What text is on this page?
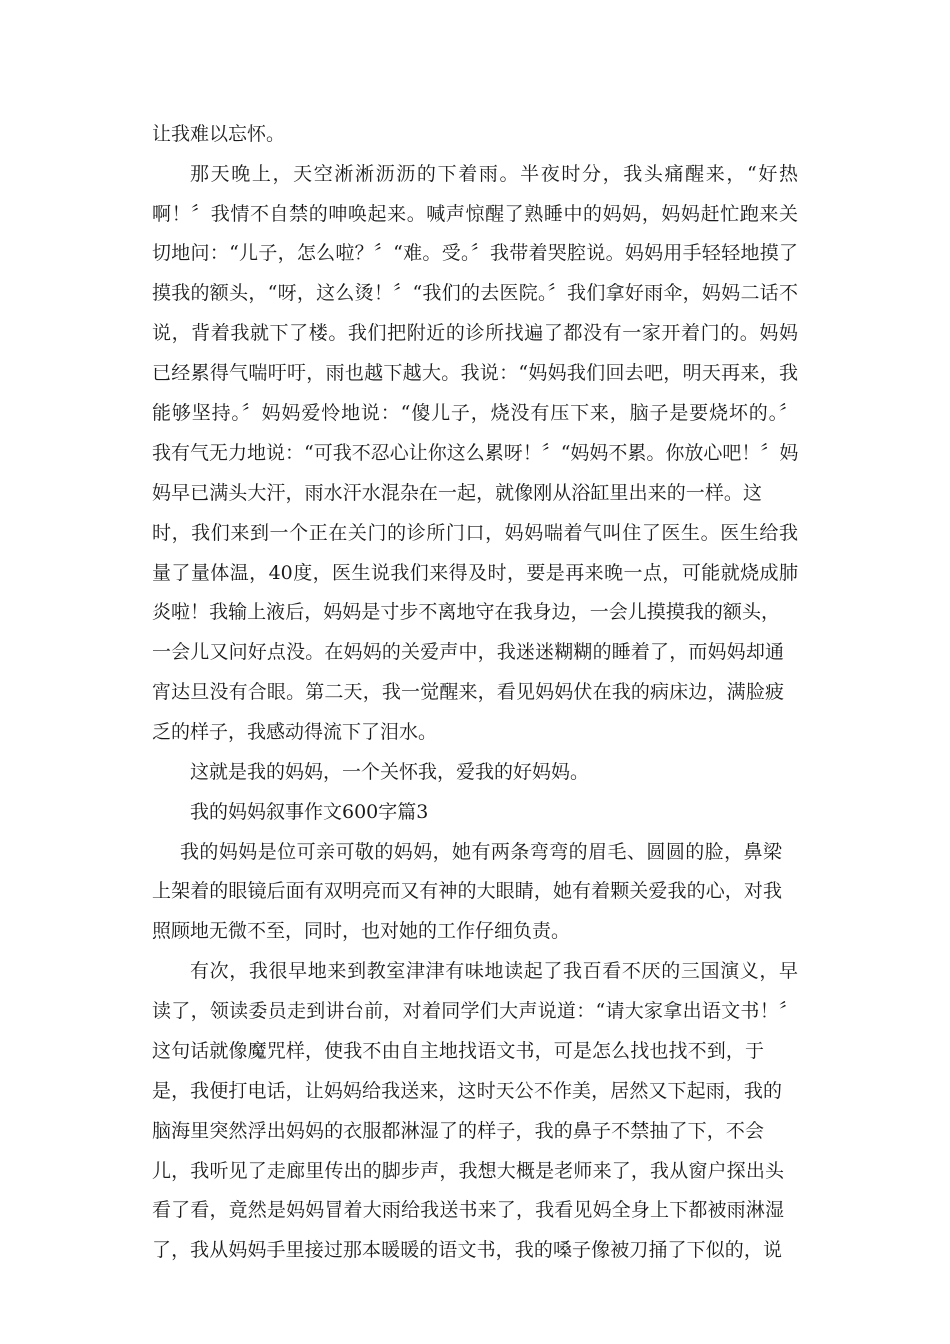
让我难以忘怀。

那天晚上，天空淅淅沥沥的下着雨。半夜时分，我头痛醒来，“好热

啊！〞我情不自禁的呻唤起来。喊声惊醒了熟睡中的妈妈，妈妈赶忙跑来关

切地问：“儿子，怎么啦？〞“难。受。〞我带着哭腔说。妈妈用手轻轻地摸了

摸我的额头，“呀，这么烫！〞“我们的去医院。〞我们拿好雨伞，妈妈二话不

说，背着我就下了楼。我们把附近的诊所找遍了都没有一家开着门的。妈妈

已经累得气喘吁吁，雨也越下越大。我说：“妈妈我们回去吧，明天再来，我

能够坚持。〞妈妈爱怜地说：“傻儿子，烧没有压下来，脑子是要烧坏的。〞

我有气无力地说：“可我不忍心让你这么累呀！〞“妈妈不累。你放心吧！〞妈

妈早已满头大汗，雨水汗水混杂在一起，就像刚从浴缸里出来的一样。这

时，我们来到一个正在关门的诊所门口，妈妈喘着气叫住了医生。医生给我

量了量体温，40度，医生说我们来得及时，要是再来晚一点，可能就烧成肺

炎啦！我输上液后，妈妈是寸步不离地守在我身边，一会儿摸摸我的额头，

一会儿又问好点没。在妈妈的关爱声中，我迷迷糊糊的睡着了，而妈妈却通

宵达旦没有合眼。第二天，我一觉醒来，看见妈妈伏在我的病床边，满脸疲

乏的样子，我感动得流下了泪水。

这就是我的妈妈，一个关怀我，爱我的好妈妈。

我的妈妈叙事作文600字篇3

我的妈妈是位可亲可敬的妈妈，她有两条弯弯的眉毛、圆圆的脸，鼻梁

上架着的眼镜后面有双明亮而又有神的大眼睛，她有着颗关爱我的心，对我

照顾地无微不至，同时，也对她的工作仔细负责。

有次，我很早地来到教室津津有味地读起了我百看不厌的三国演义，早

读了，领读委员走到讲台前，对着同学们大声说道：“请大家拿出语文书！〞

这句话就像魔咒样，使我不由自主地找语文书，可是怎么找也找不到，于

是，我便打电话，让妈妈给我送来，这时天公不作美，居然又下起雨，我的

脑海里突然浮出妈妈的衣服都淋湿了的样子，我的鼻子不禁抽了下，不会

儿，我听见了走廊里传出的脚步声，我想大概是老师来了，我从窗户探出头

看了看，竟然是妈妈冒着大雨给我送书来了，我看见妈全身上下都被雨淋湿

了，我从妈妈手里接过那本暖暖的语文书，我的嗓子像被刀捅了下似的，说
